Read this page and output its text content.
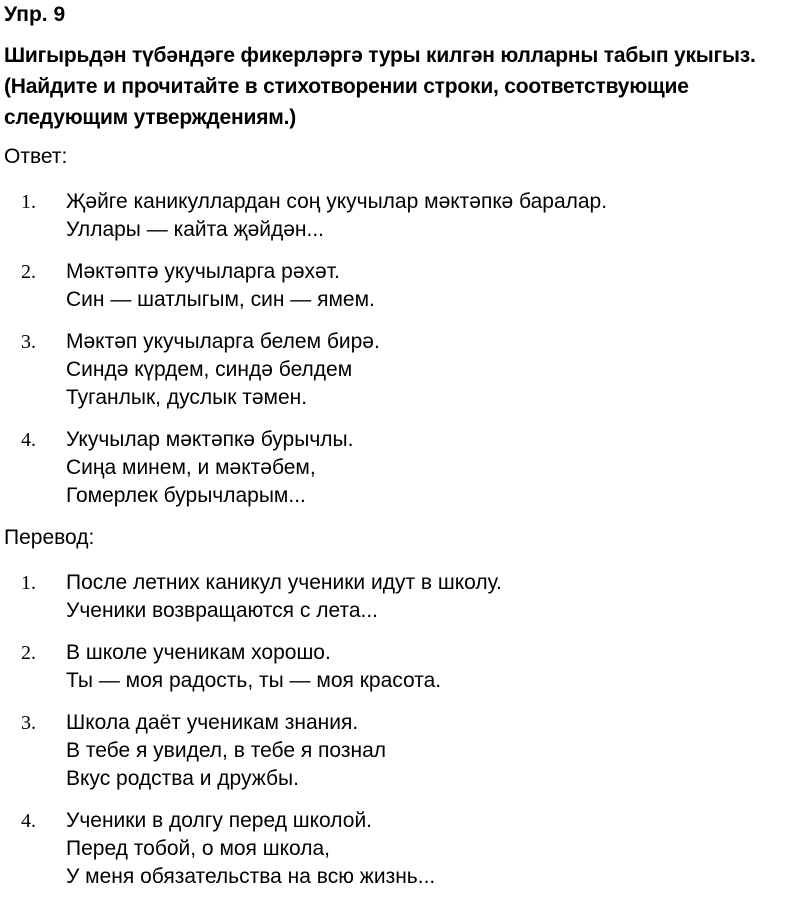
Упр. 9

Шигырьдән түбәндәге фикерләргә туры килгән юлларны табып укыгыз. (Найдите и прочитайте в стихотворении строки, соответствующие следующим утверждениям.)

Ответ:

1.	Җәйге каникуллардан соң укучылар мәктәпкә баралар.
Уллары — кайта җәйдән...
2.	Мәктәптә укучыларга рәхәт.
Син — шатлыгым, син — ямем.
3.	Мәктәп укучыларга белем бирә.
Синдә күрдем, синдә белдем
Туганлык, дуслык тәмен.
4.	Укучылар мәктәпкә бурычлы.
Сиңа минем, и мәктәбем,
Гомерлек бурычларым...

Перевод:

1.	После летних каникул ученики идут в школу.
Ученики возвращаются с лета...
2.	В школе ученикам хорошо.
Ты — моя радость, ты — моя красота.
3.	Школа даёт ученикам знания.
В тебе я увидел, в тебе я познал
Вкус родства и дружбы.
4.	Ученики в долгу перед школой.
Перед тобой, о моя школа,
У меня обязательства на всю жизнь...
